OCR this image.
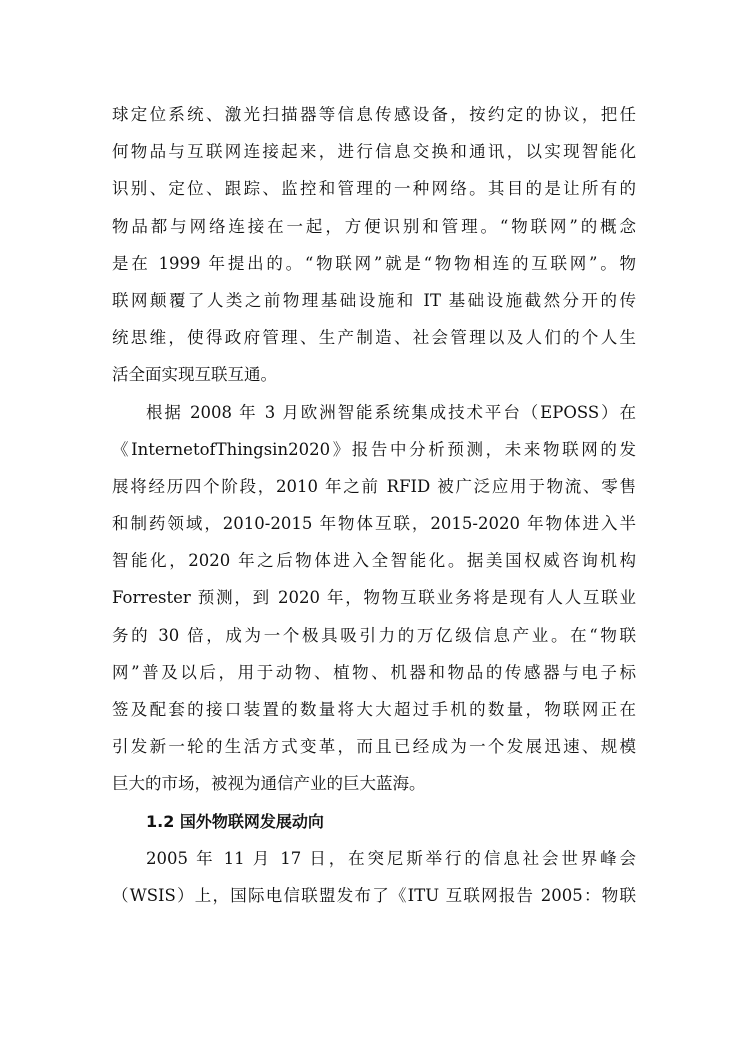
球定位系统、激光扫描器等信息传感设备，按约定的协议，把任
何物品与互联网连接起来，进行信息交换和通讯，以实现智能化
识别、定位、跟踪、监控和管理的一种网络。其目的是让所有的
物品都与网络连接在一起，方便识别和管理。“物联网”的概念
是在 1999 年提出的。“物联网”就是“物物相连的互联网”。物
联网颠覆了人类之前物理基础设施和 IT 基础设施截然分开的传
统思维，使得政府管理、生产制造、社会管理以及人们的个人生
活全面实现互联互通。
根据 2008 年 3 月欧洲智能系统集成技术平台（EPOSS）在
《InternetofThingsin2020》报告中分析预测，未来物联网的发
展将经历四个阶段，2010 年之前 RFID 被广泛应用于物流、零售
和制药领域，2010-2015 年物体互联，2015-2020 年物体进入半
智能化，2020 年之后物体进入全智能化。据美国权威咨询机构
Forrester 预测，到 2020 年，物物互联业务将是现有人人互联业
务的 30 倍，成为一个极具吸引力的万亿级信息产业。在“物联
网”普及以后，用于动物、植物、机器和物品的传感器与电子标
签及配套的接口装置的数量将大大超过手机的数量，物联网正在
引发新一轮的生活方式变革，而且已经成为一个发展迅速、规模
巨大的市场，被视为通信产业的巨大蓝海。
1.2 国外物联网发展动向
2005 年 11 月 17 日，在突尼斯举行的信息社会世界峰会
（WSIS）上，国际电信联盟发布了《ITU 互联网报告 2005：物联
